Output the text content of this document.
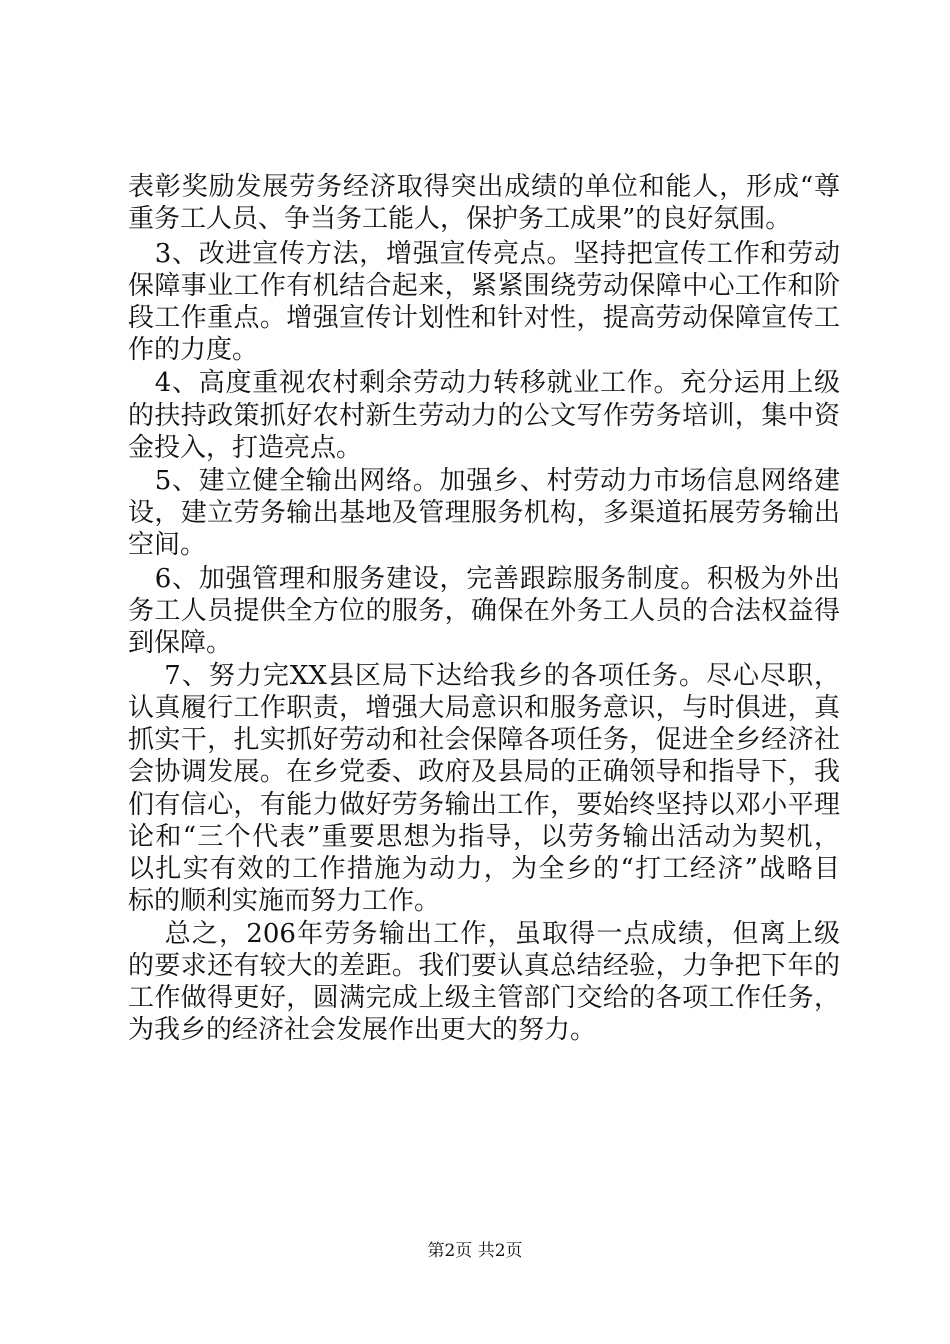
表彰奖励发展劳务经济取得突出成绩的单位和能人，形成“尊
重务工人员、争当务工能人，保护务工成果”的良好氛围。
　3、改进宣传方法，增强宣传亮点。坚持把宣传工作和劳动
保障事业工作有机结合起来，紧紧围绕劳动保障中心工作和阶
段工作重点。增强宣传计划性和针对性，提高劳动保障宣传工
作的力度。
　4、高度重视农村剩余劳动力转移就业工作。充分运用上级
的扶持政策抓好农村新生劳动力的公文写作劳务培训，集中资
金投入，打造亮点。
　5、建立健全输出网络。加强乡、村劳动力市场信息网络建
设，建立劳务输出基地及管理服务机构，多渠道拓展劳务输出
空间。
　6、加强管理和服务建设，完善跟踪服务制度。积极为外出
务工人员提供全方位的服务，确保在外务工人员的合法权益得
到保障。
　 7、努力完XX县区局下达给我乡的各项任务。尽心尽职，
认真履行工作职责，增强大局意识和服务意识，与时俱进，真
抓实干，扎实抓好劳动和社会保障各项任务，促进全乡经济社
会协调发展。在乡党委、政府及县局的正确领导和指导下，我
们有信心，有能力做好劳务输出工作，要始终坚持以邓小平理
论和“三个代表”重要思想为指导，以劳务输出活动为契机，
以扎实有效的工作措施为动力，为全乡的“打工经济”战略目
标的顺利实施而努力工作。
　 总之，206年劳务输出工作，虽取得一点成绩，但离上级
的要求还有较大的差距。我们要认真总结经验，力争把下年的
工作做得更好，圆满完成上级主管部门交给的各项工作任务，
为我乡的经济社会发展作出更大的努力。
第2页 共2页
